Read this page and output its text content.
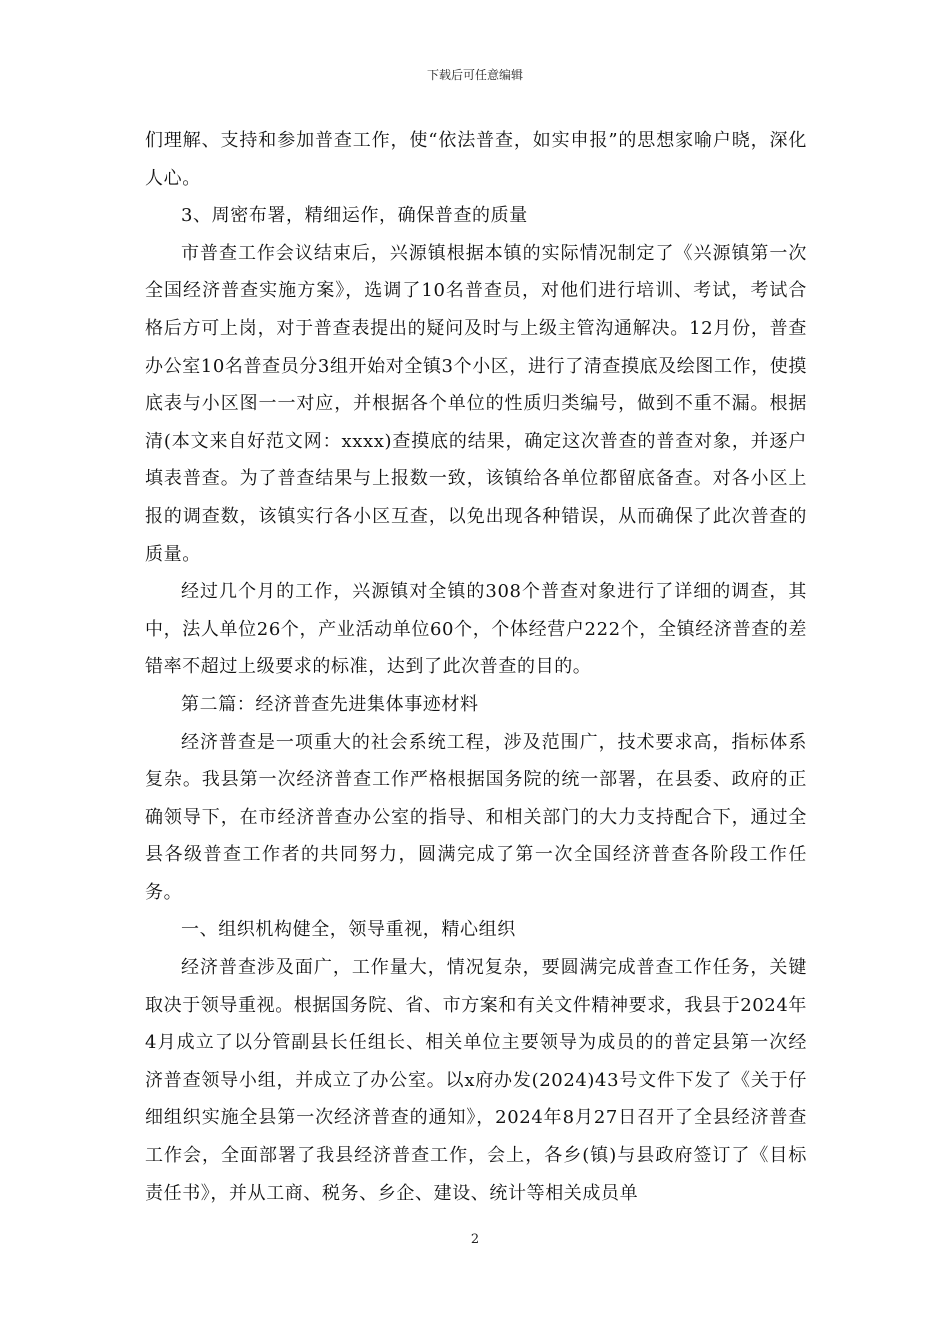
下载后可任意编辑

们理解、支持和参加普查工作，使“依法普查，如实申报”的思想家喻户晓，深化人心。

3、周密布署，精细运作，确保普查的质量

市普查工作会议结束后，兴源镇根据本镇的实际情况制定了《兴源镇第一次全国经济普查实施方案》，选调了10名普查员，对他们进行培训、考试，考试合格后方可上岗，对于普查表提出的疑问及时与上级主管沟通解决。12月份，普查办公室10名普查员分3组开始对全镇3个小区，进行了清查摸底及绘图工作，使摸底表与小区图一一对应，并根据各个单位的性质归类编号，做到不重不漏。根据清(本文来自好范文网：xxxx)查摸底的结果，确定这次普查的普查对象，并逐户填表普查。为了普查结果与上报数一致，该镇给各单位都留底备查。对各小区上报的调查数，该镇实行各小区互查，以免出现各种错误，从而确保了此次普查的质量。

经过几个月的工作，兴源镇对全镇的308个普查对象进行了详细的调查，其中，法人单位26个，产业活动单位60个，个体经营户222个，全镇经济普查的差错率不超过上级要求的标准，达到了此次普查的目的。

第二篇：经济普查先进集体事迹材料

经济普查是一项重大的社会系统工程，涉及范围广，技术要求高，指标体系复杂。我县第一次经济普查工作严格根据国务院的统一部署，在县委、政府的正确领导下，在市经济普查办公室的指导、和相关部门的大力支持配合下，通过全县各级普查工作者的共同努力，圆满完成了第一次全国经济普查各阶段工作任务。

一、组织机构健全，领导重视，精心组织

经济普查涉及面广，工作量大，情况复杂，要圆满完成普查工作任务，关键取决于领导重视。根据国务院、省、市方案和有关文件精神要求，我县于2024年4月成立了以分管副县长任组长、相关单位主要领导为成员的的普定县第一次经济普查领导小组，并成立了办公室。以x府办发(2024)43号文件下发了《关于仔细组织实施全县第一次经济普查的通知》，2024年8月27日召开了全县经济普查工作会，全面部署了我县经济普查工作，会上，各乡(镇)与县政府签订了《目标责任书》，并从工商、税务、乡企、建设、统计等相关成员单

2
